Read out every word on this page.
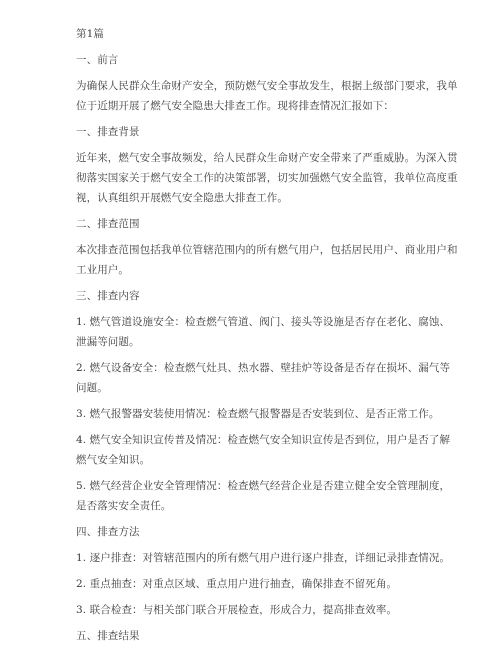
第1篇

一、前言

为确保人民群众生命财产安全，预防燃气安全事故发生，根据上级部门要求，我单

位于近期开展了燃气安全隐患大排查工作。现将排查情况汇报如下：

一、排查背景

近年来，燃气安全事故频发，给人民群众生命财产安全带来了严重威胁。为深入贯

彻落实国家关于燃气安全工作的决策部署，切实加强燃气安全监管，我单位高度重

视，认真组织开展燃气安全隐患大排查工作。

二、排查范围

本次排查范围包括我单位管辖范围内的所有燃气用户，包括居民用户、商业用户和

工业用户。

三、排查内容

1. 燃气管道设施安全：检查燃气管道、阀门、接头等设施是否存在老化、腐蚀、

泄漏等问题。

2. 燃气设备安全：检查燃气灶具、热水器、壁挂炉等设备是否存在损坏、漏气等

问题。

3. 燃气报警器安装使用情况：检查燃气报警器是否安装到位、是否正常工作。

4. 燃气安全知识宣传普及情况：检查燃气安全知识宣传是否到位，用户是否了解

燃气安全知识。

5. 燃气经营企业安全管理情况：检查燃气经营企业是否建立健全安全管理制度，

是否落实安全责任。

四、排查方法

1. 逐户排查：对管辖范围内的所有燃气用户进行逐户排查，详细记录排查情况。

2. 重点抽查：对重点区域、重点用户进行抽查，确保排查不留死角。

3. 联合检查：与相关部门联合开展检查，形成合力，提高排查效率。

五、排查结果
